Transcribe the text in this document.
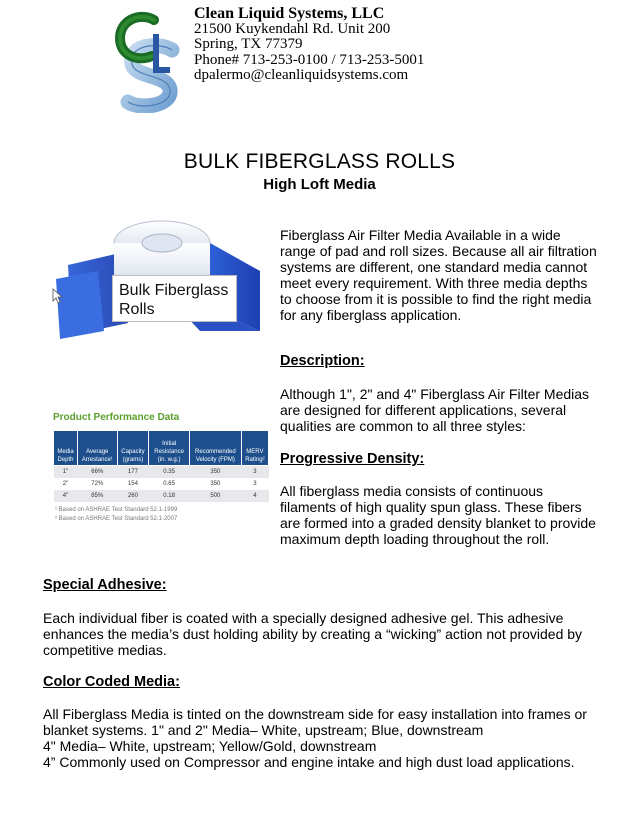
Clean Liquid Systems, LLC
21500 Kuykendahl Rd. Unit 200
Spring, TX 77379
Phone# 713-253-0100 / 713-253-5001
dpalermo@cleanliquidsystems.com
BULK FIBERGLASS ROLLS
High Loft Media
Bulk Fiberglass
Rolls
Fiberglass Air Filter Media Available in a wide range of pad and roll sizes. Because all air filtration systems are different, one standard media cannot meet every requirement. With three media depths to choose from it is possible to find the right media for any fiberglass application.
Description:
Although 1", 2" and 4" Fiberglass Air Filter Medias are designed for different applications, several qualities are common to all three styles:
Progressive Density:
All fiberglass media consists of continuous filaments of high quality spun glass. These fibers are formed into a graded density blanket to provide maximum depth loading throughout the roll.
Product Performance Data
Media Depth	Average Arrestance¹	Capacity (grams)	Initial Resistance (in. w.g.)	Recommended Velocity (FPM)	MERV Rating²
1"	66%	177	0.35	350	3
2"	72%	154	0.65	350	3
4"	85%	260	0.18	500	4
¹ Based on ASHRAE Test Standard 52.1-1999
² Based on ASHRAE Test Standard 52.1-2007
Special Adhesive:
Each individual fiber is coated with a specially designed adhesive gel. This adhesive enhances the media’s dust holding ability by creating a “wicking” action not provided by competitive medias.
Color Coded Media:
All Fiberglass Media is tinted on the downstream side for easy installation into frames or blanket systems. 1" and 2" Media– White, upstream; Blue, downstream
4" Media– White, upstream; Yellow/Gold, downstream
4” Commonly used on Compressor and engine intake and high dust load applications.
